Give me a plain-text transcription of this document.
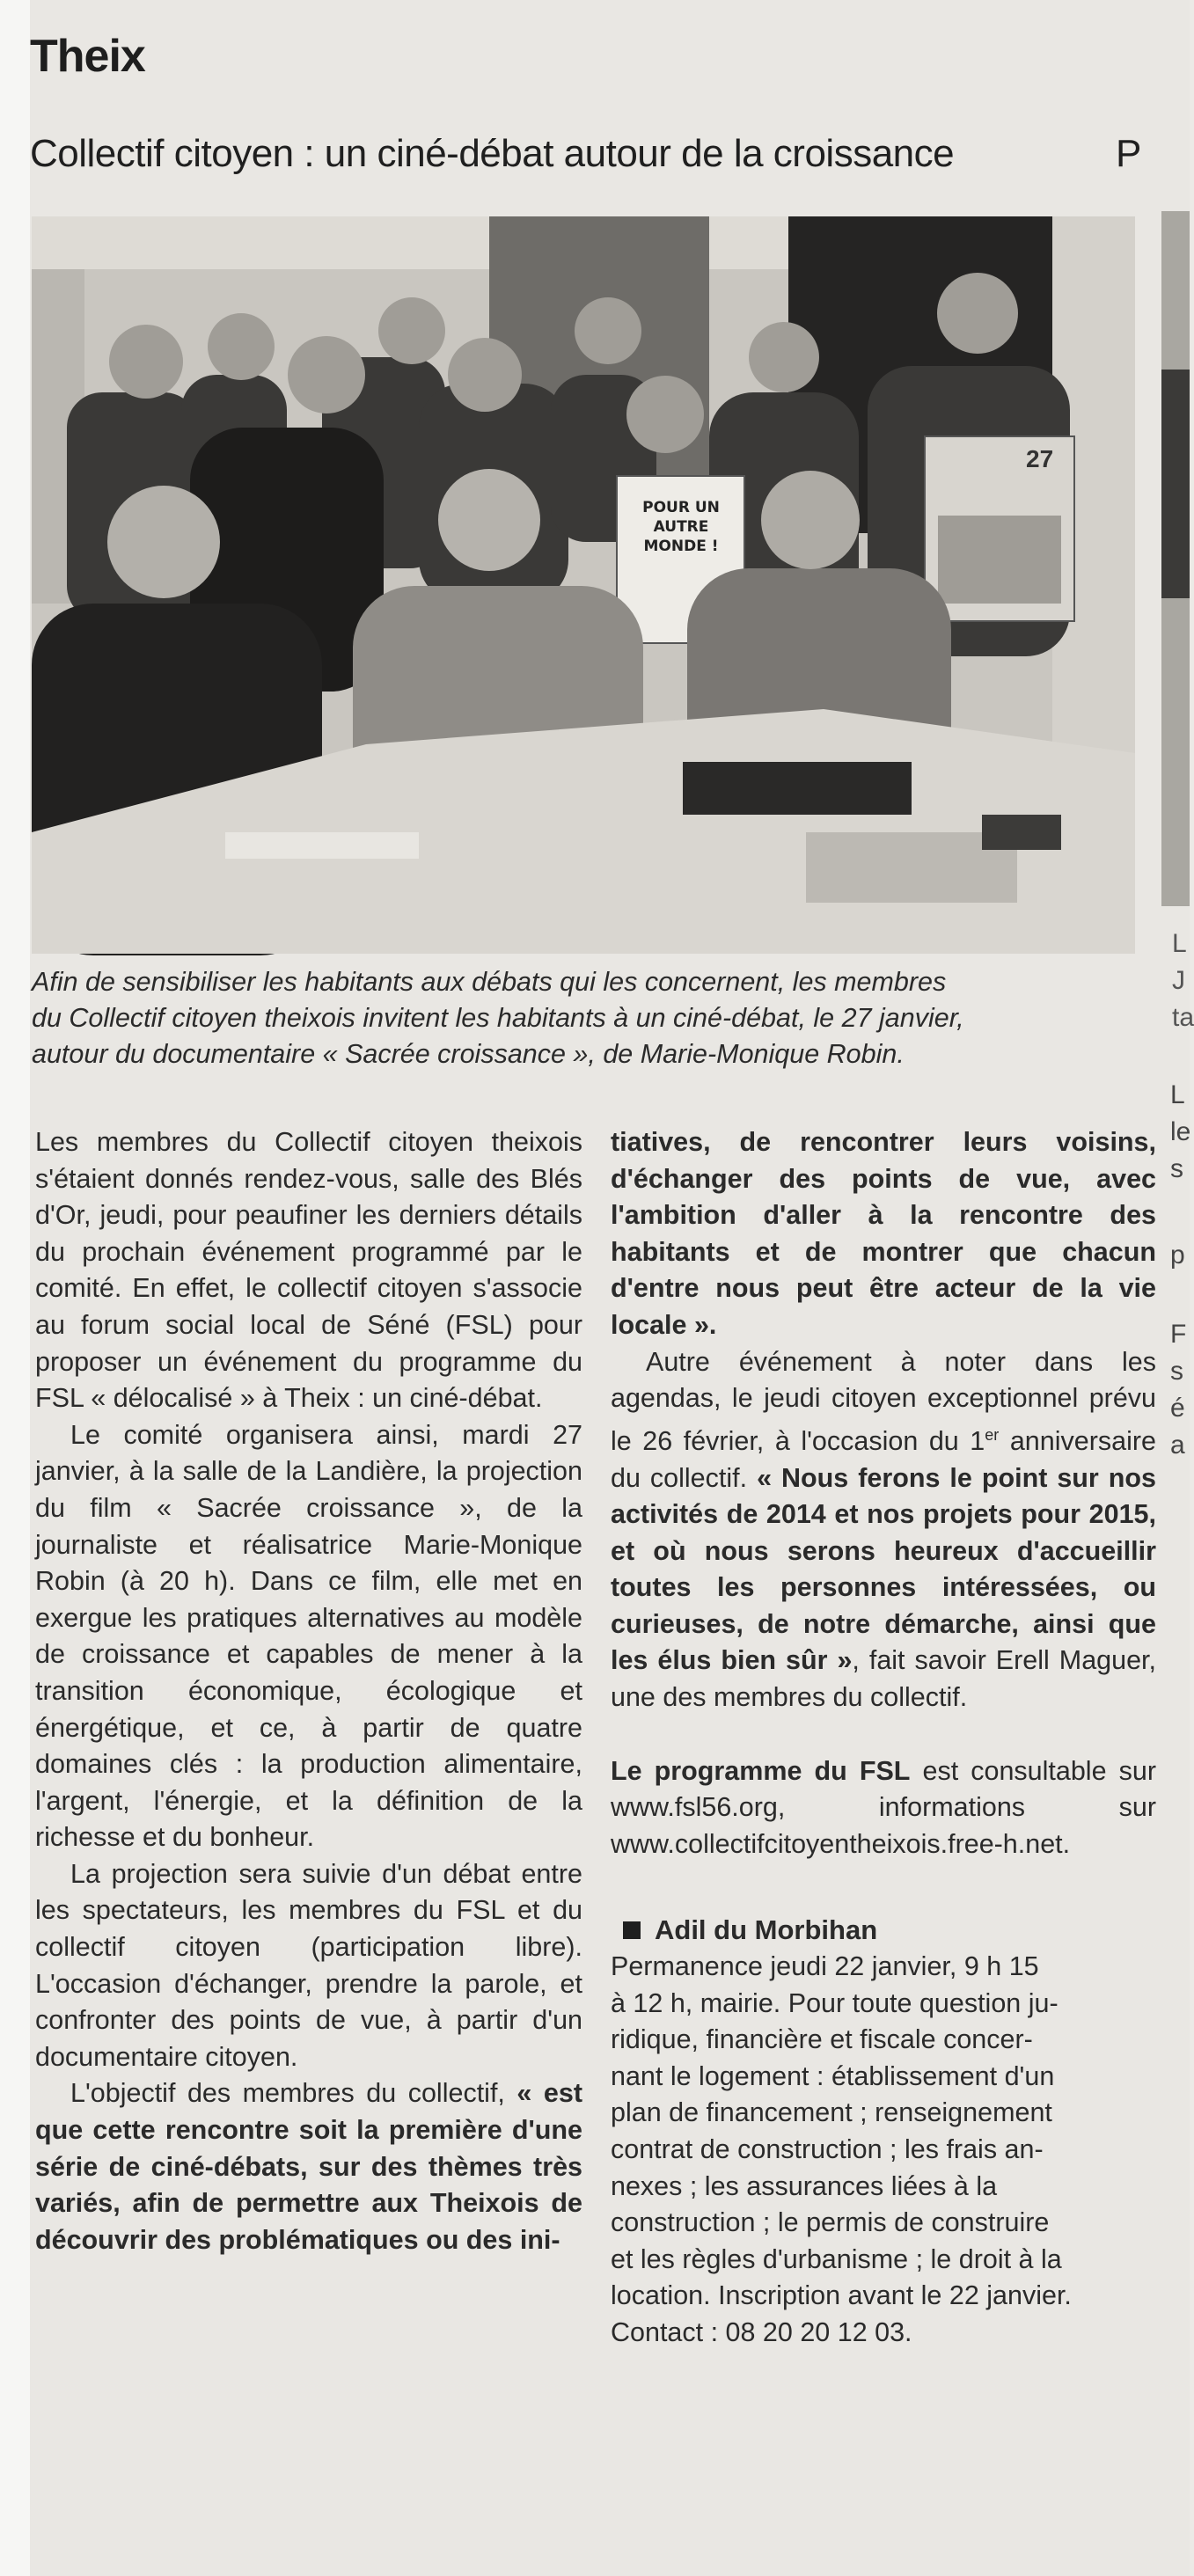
Theix
Collectif citoyen : un ciné-débat autour de la croissance	P
POUR UN AUTRE MONDE !
27
L
J
ta
Afin de sensibiliser les habitants aux débats qui les concernent, les membres
du Collectif citoyen theixois invitent les habitants à un ciné-débat, le 27 janvier,
autour du documentaire « Sacrée croissance », de Marie-Monique Robin.

Les membres du Collectif citoyen theixois s'étaient donnés rendez-vous, salle des Blés d'Or, jeudi, pour peaufiner les derniers détails du prochain événement programmé par le comité. En effet, le collectif citoyen s'associe au forum social local de Séné (FSL) pour proposer un événement du programme du FSL « délocalisé » à Theix : un ciné-débat.

Le comité organisera ainsi, mardi 27 janvier, à la salle de la Landière, la projection du film « Sacrée croissance », de la journaliste et réalisatrice Marie-Monique Robin (à 20 h). Dans ce film, elle met en exergue les pratiques alternatives au modèle de croissance et capables de mener à la transition économique, écologique et énergétique, et ce, à partir de quatre domaines clés : la production alimentaire, l'argent, l'énergie, et la définition de la richesse et du bonheur.

La projection sera suivie d'un débat entre les spectateurs, les membres du FSL et du collectif citoyen (participation libre). L'occasion d'échanger, prendre la parole, et confronter des points de vue, à partir d'un documentaire citoyen.

L'objectif des membres du collectif, « est que cette rencontre soit la première d'une série de ciné-débats, sur des thèmes très variés, afin de permettre aux Theixois de découvrir des problématiques ou des ini-

tiatives, de rencontrer leurs voisins, d'échanger des points de vue, avec l'ambition d'aller à la rencontre des habitants et de montrer que chacun d'entre nous peut être acteur de la vie locale ».

Autre événement à noter dans les agendas, le jeudi citoyen exceptionnel prévu le 26 février, à l'occasion du 1er anniversaire du collectif. « Nous ferons le point sur nos activités de 2014 et nos projets pour 2015, et où nous serons heureux d'accueillir toutes les personnes intéressées, ou curieuses, de notre démarche, ainsi que les élus bien sûr », fait savoir Erell Maguer, une des membres du collectif.

Le programme du FSL est consultable sur www.fsl56.org, informations sur www.collectifcitoyentheixois.free-h.net.

Adil du Morbihan

Permanence jeudi 22 janvier, 9 h 15
à 12 h, mairie. Pour toute question ju-
ridique, financière et fiscale concer-
nant le logement : établissement d'un
plan de financement ; renseignement
contrat de construction ; les frais an-
nexes ; les assurances liées à la
construction ; le permis de construire
et les règles d'urbanisme ; le droit à la
location. Inscription avant le 22 janvier.
Contact : 08 20 20 12 03.
L
le
s
p
F
s
é
a
